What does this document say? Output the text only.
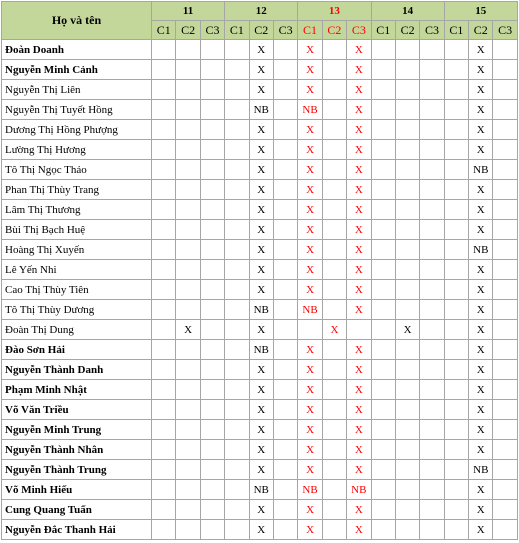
Họ và tên	11			12			13			14			15		
	C1	C2	C3	C1	C2	C3	C1	C2	C3	C1	C2	C3	C1	C2	C3
Đoàn Doanh					X		X		X					X	
Nguyễn Minh Cảnh					X		X		X					X	
Nguyễn Thị Liên					X		X		X					X	
Nguyễn Thị Tuyết Hồng					NB		NB		X					X	
Dương Thị Hồng Phượng					X		X		X					X	
Lường Thị Hương					X		X		X					X	
Tô Thị Ngọc Thảo					X		X		X					NB	
Phan Thị Thùy Trang					X		X		X					X	
Lâm Thị Thương					X		X		X					X	
Bùi Thị Bạch Huệ					X		X		X					X	
Hoàng Thị Xuyến					X		X		X					NB	
Lê Yến Nhi					X		X		X					X	
Cao Thị Thùy Tiên					X		X		X					X	
Tô Thị Thùy Dương					NB		NB		X					X	
Đoàn Thị Dung		X			X			X			X			X	
Đào Sơn Hải					NB		X		X					X	
Nguyễn Thành Danh					X		X		X					X	
Phạm Minh Nhật					X		X		X					X	
Võ Văn Triều					X		X		X					X	
Nguyễn Minh Trung					X		X		X					X	
Nguyễn Thành Nhân					X		X		X					X	
Nguyễn Thành Trung					X		X		X					NB	
Võ Minh Hiếu					NB		NB		NB					X	
Cung Quang Tuấn					X		X		X					X	
Nguyễn Đắc Thanh Hải					X		X		X					X	
